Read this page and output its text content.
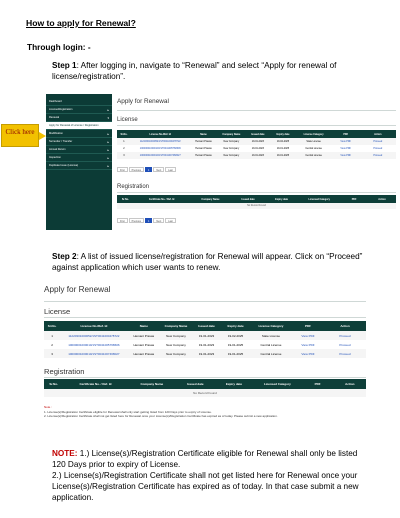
How to apply for Renewal?
Through login: -
Step 1: After logging in, navigate to “Renewal” and select “Apply for renewal of license/registration”.
Dashboard
License/Registration	▸
Renewal	▾
Apply for Renewal of License / Registration
Modification	▸
Surrender / Transfer	▸
Annual Return	▸
Inspection	▸
Duplicate Issue (License)	▸
Apply for Renewal
License
Sr.No.	License No./Ref. Id	Name	Company Name	Issued date	Expiry date	License Category	PDF	Action
1	11220301000052/1ST0041000478722	Hemant Pravas	New Company	19-01-2023	19-02-2025	State License	View PDF	Proceed
2	10000001000010/1ST0041005768606	Hemant Pravas	New Company	19-01-2023	19-01-2025	Central License	View PDF	Proceed
3	10000001000010/1ST0041007468027	Hemant Pravas	New Company	19-01-2023	19-01-2025	Central License	View PDF	Proceed
First	Previous	1	Next	Last
Registration
Sr.No.	Certificate No. / Ref. Id	Company Name	Issued date	Expiry date	Licensed Category	PDF	Action
No Record Found
First	Previous	1	Next	Last
Click here
Step 2: A list of issued license/registration for Renewal will appear. Click on “Proceed” against application which user wants to renew.
Apply for Renewal
License
Sr.No.	License No./Ref. Id	Name	Company Name	Issued date	Expiry date	License Category	PDF	Action
1	11220301000052/1ST0041000478722	Hemant Pravas	New Company	19-01-2023	19-02-2025	State License	View PDF	Proceed
2	10000001000010/1ST0041005768606	Hemant Pravas	New Company	19-01-2023	19-01-2025	Central License	View PDF	Proceed
3	10000001000010/1ST0041007468027	Hemant Pravas	New Company	19-01-2023	19-01-2025	Central License	View PDF	Proceed
Registration
Sr.No.	Certificate No. / Ref. Id	Company Name	Issued date	Expiry date	Licensed Category	PDF	Action
No Record Found
Note :
1. License(s)/Registration Certificate eligible for Renewal shall only start getting listed from 120 Days prior to expiry of License.
2. License(s)/Registration Certificate shall not get listed here for Renewal once your License(s)/Registration Certificate has expired as of today. Please submit a new application.
NOTE: 1.) License(s)/Registration Certificate eligible for Renewal shall only be listed 120 Days prior to expiry of License.
2.) License(s)/Registration Certificate shall not get listed here for Renewal once your License(s)/Registration Certificate has expired as of today. In that case submit a new application.
